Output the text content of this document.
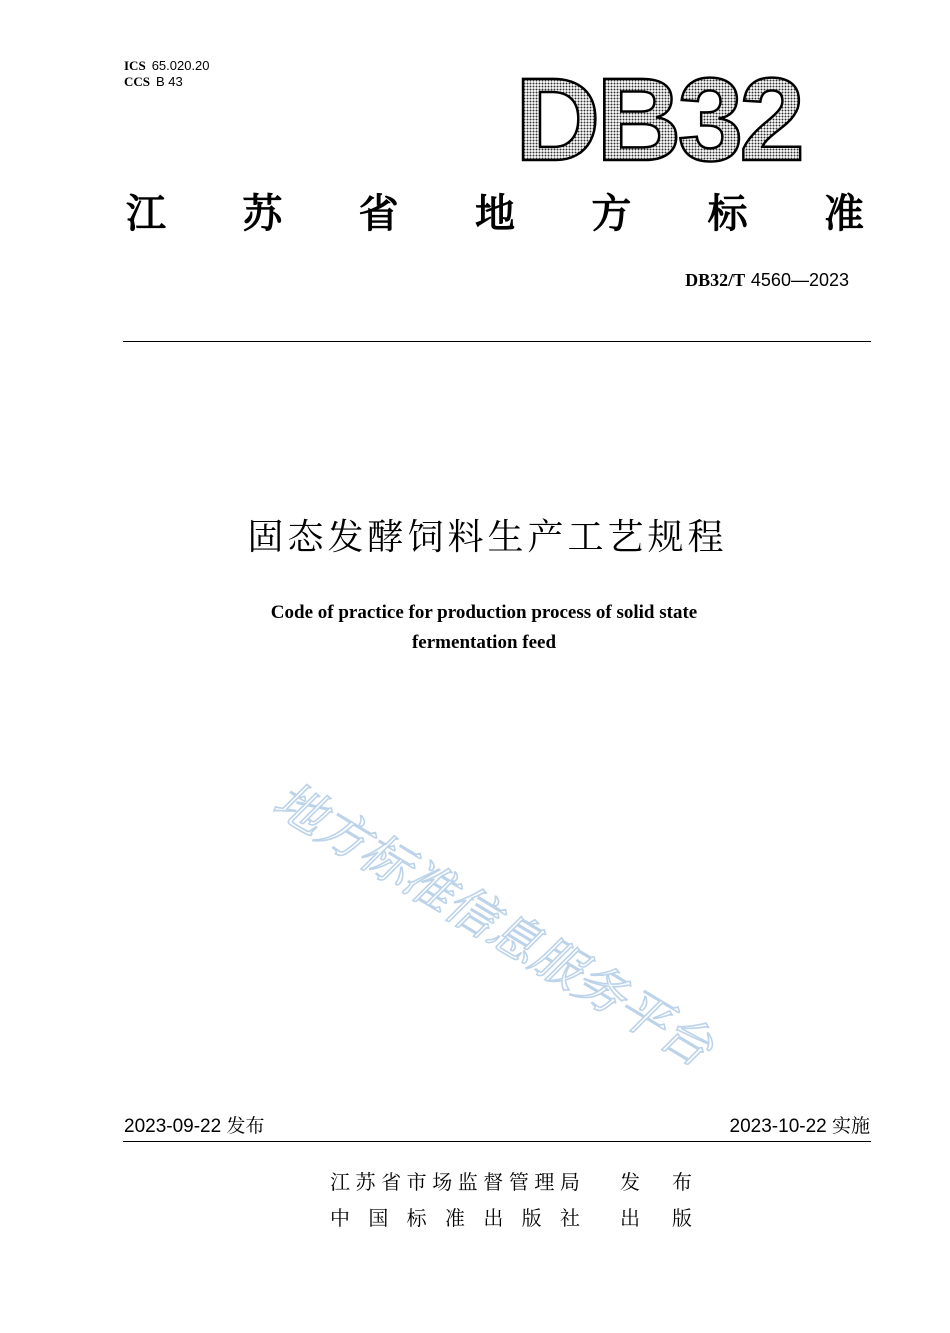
ICS 65.020.20
CCS B 43	DB32
江 苏 省 地 方 标 准
DB32/T 4560—2023
固态发酵饲料生产工艺规程
Code of practice for production process of solid state
fermentation feed
地方标准信息服务平台
2023-09-22 发布	2023-10-22 实施
江 苏 省 市 场 监 督 管 理 局 发 布
中 国 标 准 出 版 社 出 版
